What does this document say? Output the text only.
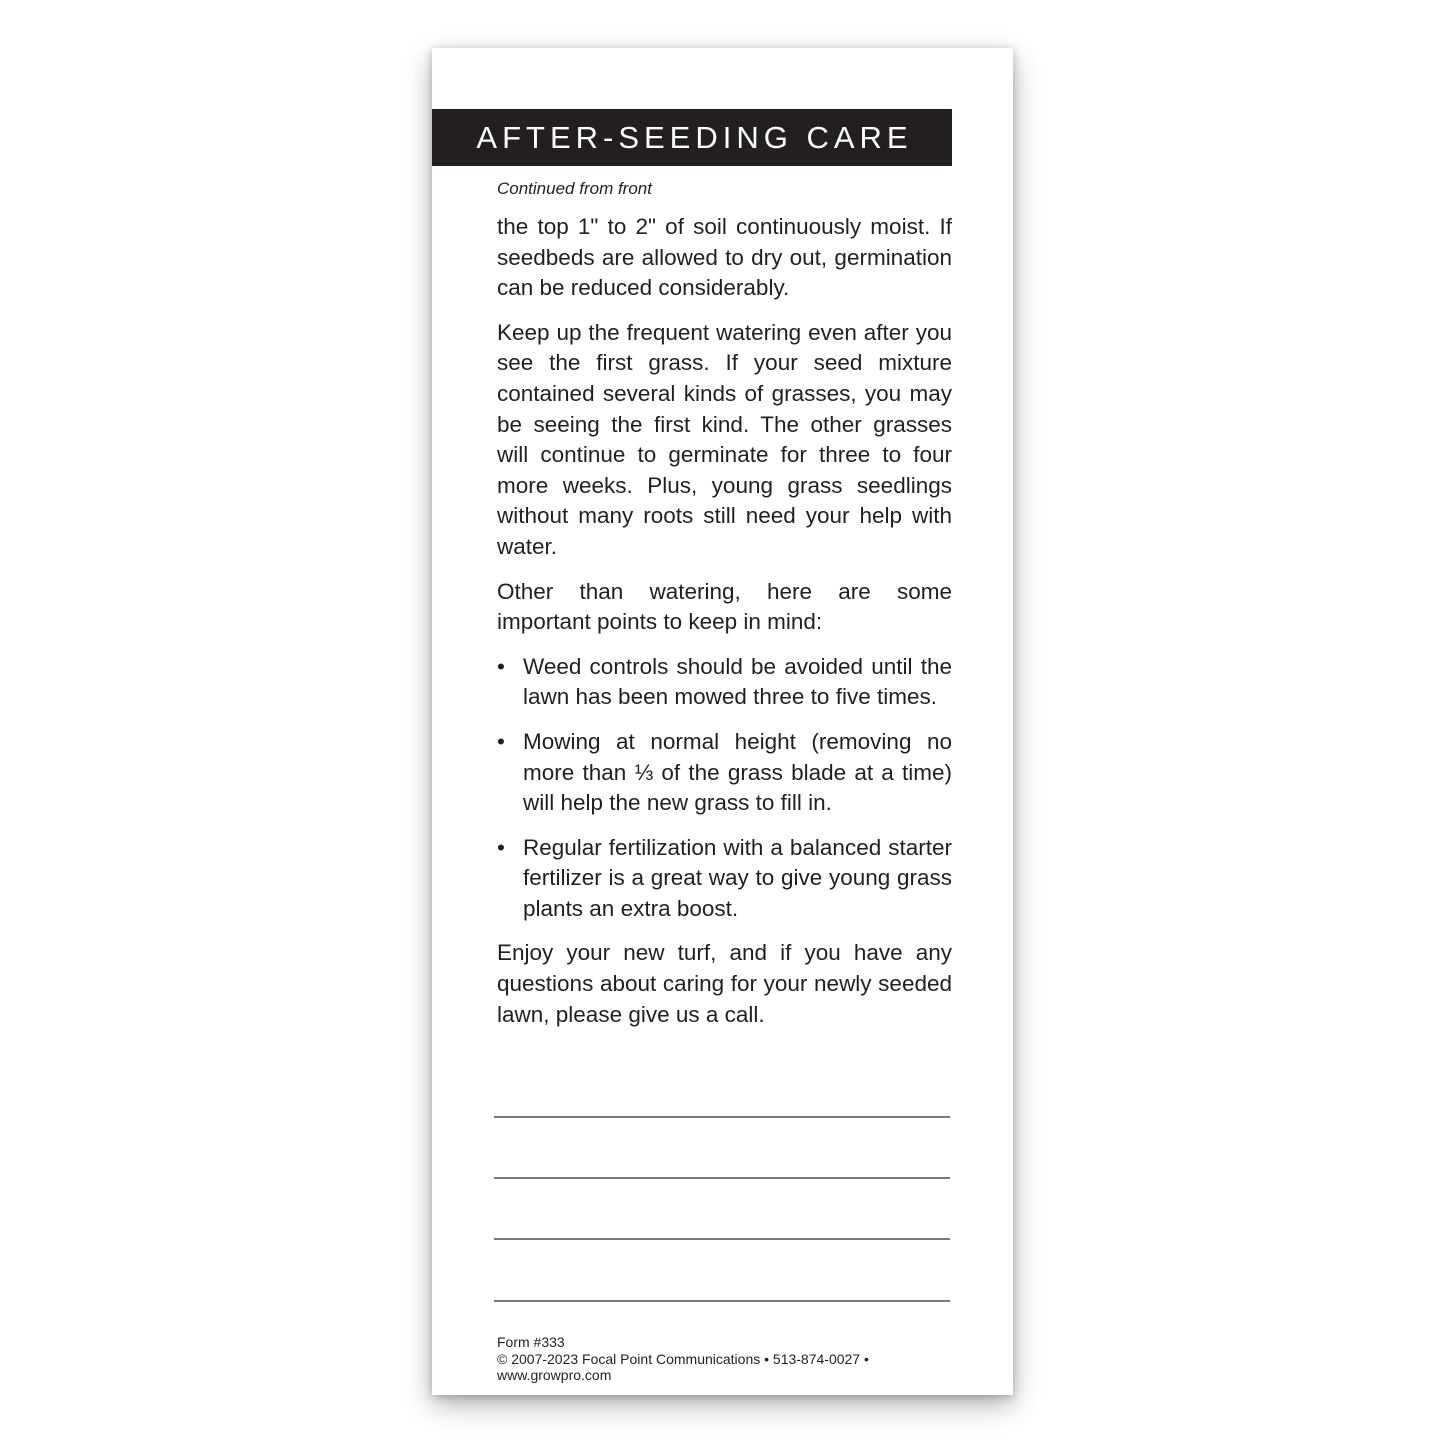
AFTER-SEEDING CARE
Continued from front

the top 1" to 2" of soil continuously moist. If seedbeds are allowed to dry out, germination can be reduced considerably.

Keep up the frequent watering even after you see the first grass. If your seed mixture contained several kinds of grasses, you may be seeing the first kind. The other grasses will continue to germinate for three to four more weeks. Plus, young grass seedlings without many roots still need your help with water.

Other than watering, here are some important points to keep in mind:

• Weed controls should be avoided until the lawn has been mowed three to five times.
• Mowing at normal height (removing no more than ⅓ of the grass blade at a time) will help the new grass to fill in.
• Regular fertilization with a balanced starter fertilizer is a great way to give young grass plants an extra boost.

Enjoy your new turf, and if you have any questions about caring for your newly seeded lawn, please give us a call.

Form #333
© 2007-2023 Focal Point Communications • 513-874-0027 • www.growpro.com
